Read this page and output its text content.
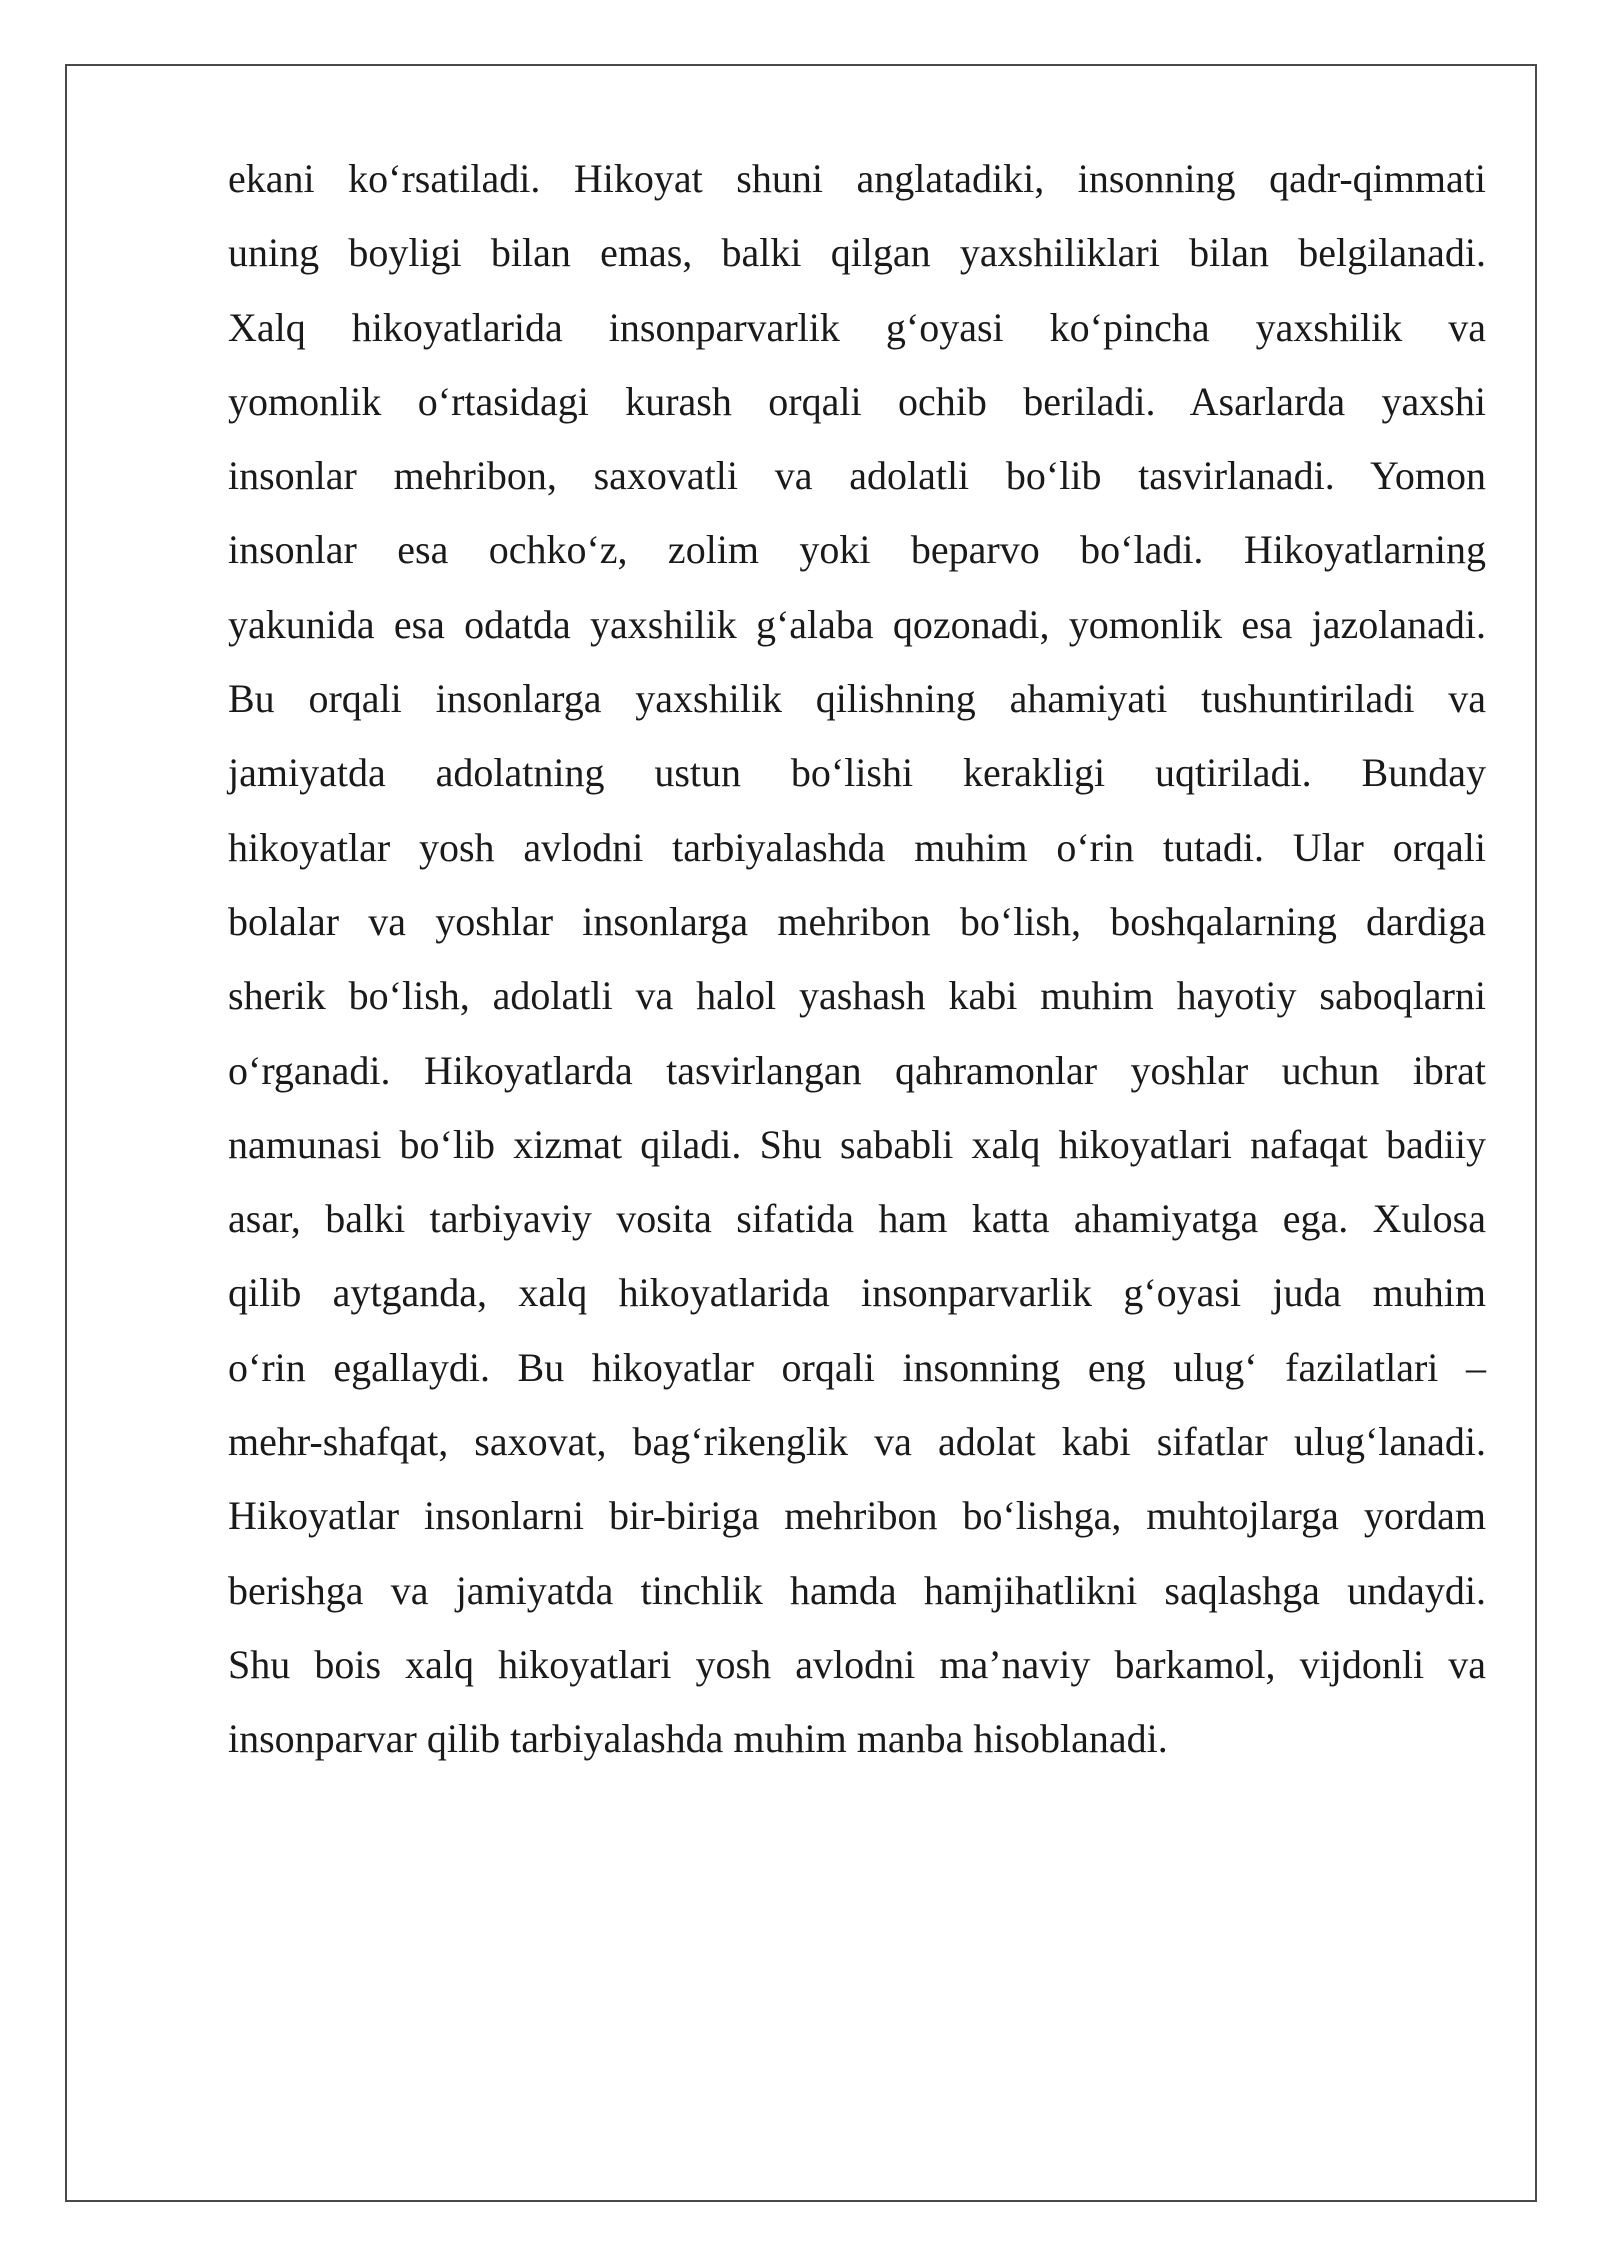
ekani ko‘rsatiladi. Hikoyat shuni anglatadiki, insonning qadr-qimmati
uning boyligi bilan emas, balki qilgan yaxshiliklari bilan belgilanadi.
Xalq hikoyatlarida insonparvarlik g‘oyasi ko‘pincha yaxshilik va
yomonlik o‘rtasidagi kurash orqali ochib beriladi. Asarlarda yaxshi
insonlar mehribon, saxovatli va adolatli bo‘lib tasvirlanadi. Yomon
insonlar esa ochko‘z, zolim yoki beparvo bo‘ladi. Hikoyatlarning
yakunida esa odatda yaxshilik g‘alaba qozonadi, yomonlik esa jazolanadi.
Bu orqali insonlarga yaxshilik qilishning ahamiyati tushuntiriladi va
jamiyatda adolatning ustun bo‘lishi kerakligi uqtiriladi. Bunday
hikoyatlar yosh avlodni tarbiyalashda muhim o‘rin tutadi. Ular orqali
bolalar va yoshlar insonlarga mehribon bo‘lish, boshqalarning dardiga
sherik bo‘lish, adolatli va halol yashash kabi muhim hayotiy saboqlarni
o‘rganadi. Hikoyatlarda tasvirlangan qahramonlar yoshlar uchun ibrat
namunasi bo‘lib xizmat qiladi. Shu sababli xalq hikoyatlari nafaqat badiiy
asar, balki tarbiyaviy vosita sifatida ham katta ahamiyatga ega. Xulosa
qilib aytganda, xalq hikoyatlarida insonparvarlik g‘oyasi juda muhim
o‘rin egallaydi. Bu hikoyatlar orqali insonning eng ulug‘ fazilatlari –
mehr-shafqat, saxovat, bag‘rikenglik va adolat kabi sifatlar ulug‘lanadi.
Hikoyatlar insonlarni bir-biriga mehribon bo‘lishga, muhtojlarga yordam
berishga va jamiyatda tinchlik hamda hamjihatlikni saqlashga undaydi.
Shu bois xalq hikoyatlari yosh avlodni ma’naviy barkamol, vijdonli va
insonparvar qilib tarbiyalashda muhim manba hisoblanadi.
